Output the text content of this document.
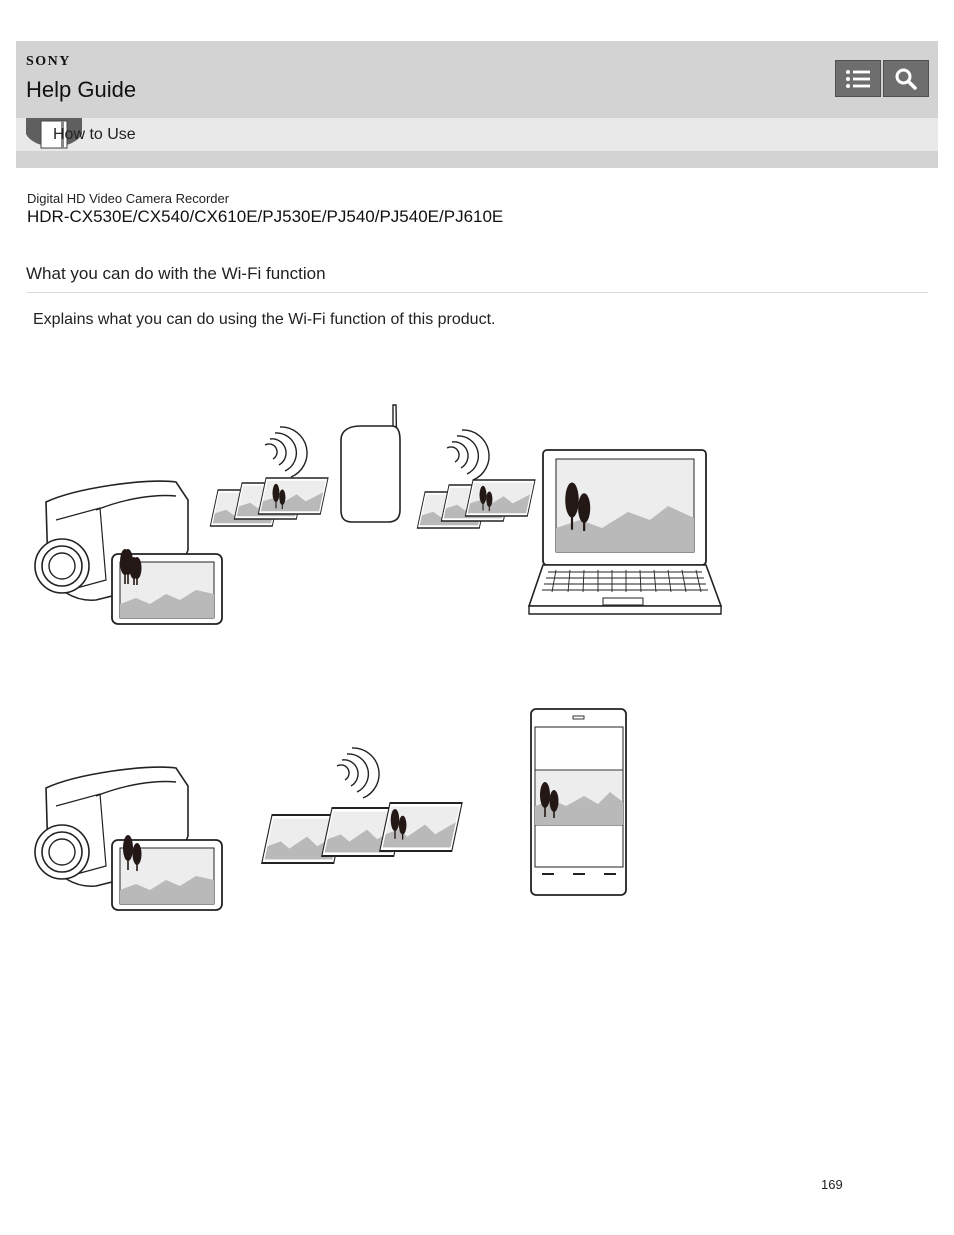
SONY
Help Guide
How to Use
Digital HD Video Camera Recorder
HDR-CX530E/CX540/CX610E/PJ530E/PJ540/PJ540E/PJ610E
What you can do with the Wi-Fi function
Explains what you can do using the Wi-Fi function of this product.
169
